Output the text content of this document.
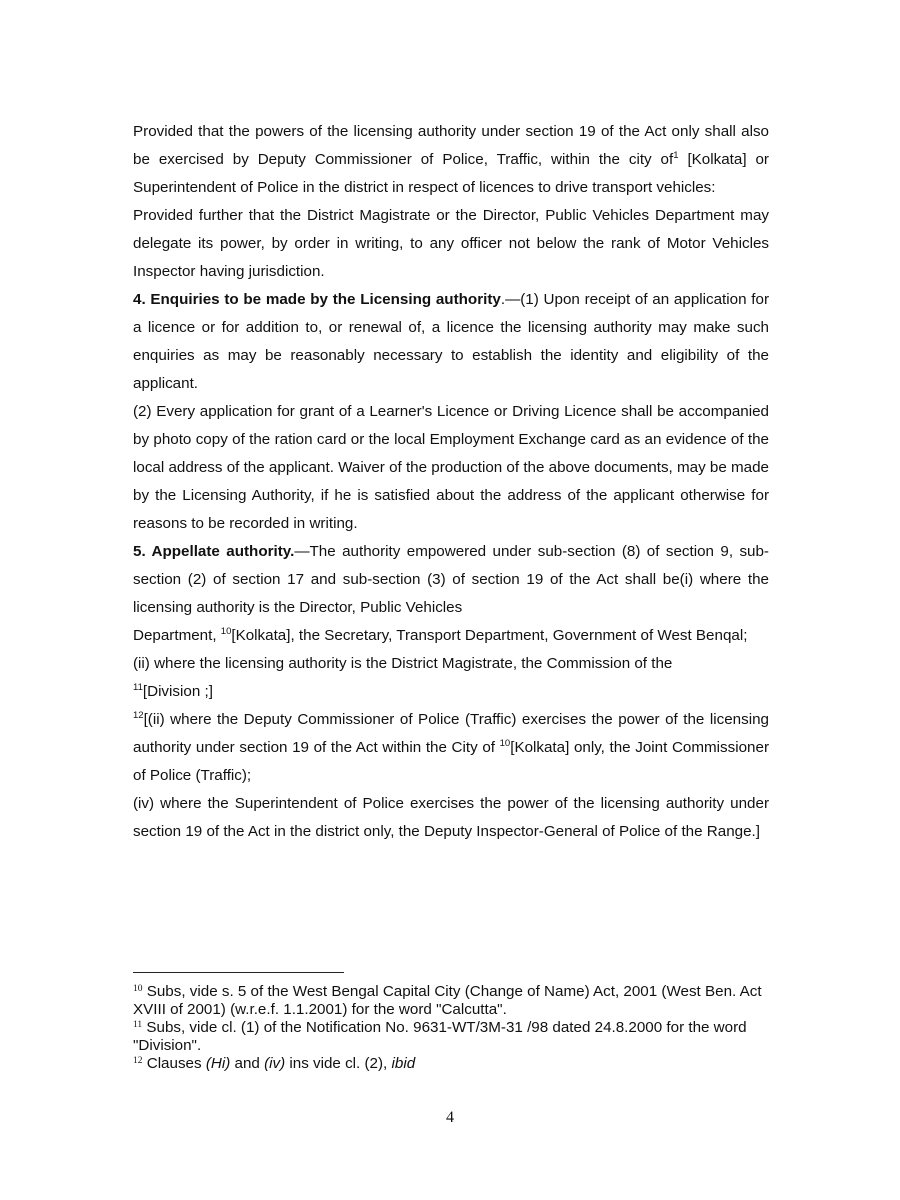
Provided that the powers of the licensing authority under section 19 of the Act only shall also be exercised by Deputy Commissioner of Police, Traffic, within the city $of^1$ [Kolkata] or Superintendent of Police in the district in respect of licences to drive transport vehicles:

Provided further that the District Magistrate or the Director, Public Vehicles Department may delegate its power, by order in writing, to any officer not below the rank of Motor Vehicles Inspector having jurisdiction.

4. Enquiries to be made by the Licensing authority.—(1) Upon receipt of an application for a licence or for addition to, or renewal of, a licence the licensing authority may make such enquiries as may be reasonably necessary to establish the identity and eligibility of the applicant.

(2) Every application for grant of a Learner's Licence or Driving Licence shall be accompanied by photo copy of the ration card or the local Employment Exchange card as an evidence of the local address of the applicant. Waiver of the production of the above documents, may be made by the Licensing Authority, if he is satisfied about the address of the applicant otherwise for reasons to be recorded in writing.

5. Appellate authority.—The authority empowered under sub-section (8) of section 9, sub-section (2) of section 17 and sub-section (3) of section 19 of the Act shall be(i) where the licensing authority is the Director, Public Vehicles

Department, $^{10}$[Kolkata], the Secretary, Transport Department, Government of West Benqal;

(ii) where the licensing authority is the District Magistrate, the Commission of the
$^{11}$[Division ;]

$^{12}$[(ii) where the Deputy Commissioner of Police (Traffic) exercises the power of the licensing authority under section 19 of the Act within the City of $^{10}$[Kolkata] only, the Joint Commissioner of Police (Traffic);

(iv) where the Superintendent of Police exercises the power of the licensing authority under section 19 of the Act in the district only, the Deputy Inspector-General of Police of the Range.]

$^{10}$ Subs, vide s. 5 of the West Bengal Capital City (Change of Name) Act, 2001 (West Ben. Act XVIII of 2001) (w.r.e.f. 1.1.2001) for the word "Calcutta".

$^{11}$ Subs, vide cl. (1) of the Notification No. 9631-WT/3M-31 /98 dated 24.8.2000 for the word "Division".

$^{12}$ Clauses (Hi) and (iv) ins vide cl. (2), ibid

4
